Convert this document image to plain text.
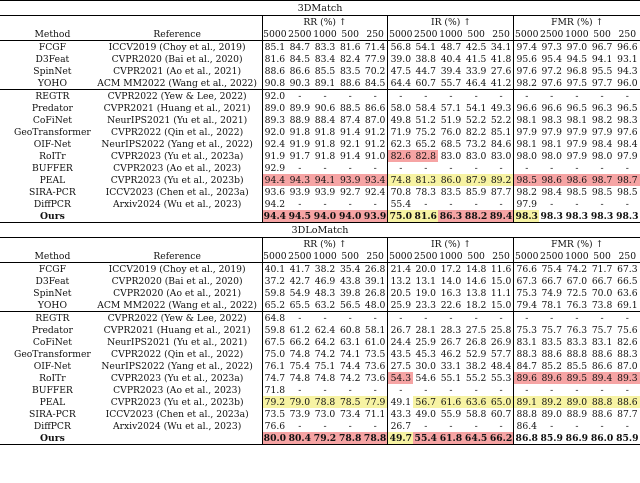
3DMatch																	
			RR (%) ↑					IR (%) ↑					FMR (%) ↑				
	Method	Reference	5000	2500	1000	500	250	5000	2500	1000	500	250	5000	2500	1000	500	250
	FCGF	ICCV2019 (Choy et al., 2019)	85.1	84.7	83.3	81.6	71.4	56.8	54.1	48.7	42.5	34.1	97.4	97.3	97.0	96.7	96.6
	D3Feat	CVPR2020 (Bai et al., 2020)	81.6	84.5	83.4	82.4	77.9	39.0	38.8	40.4	41.5	41.8	95.6	95.4	94.5	94.1	93.1
	SpinNet	CVPR2021 (Ao et al., 2021)	88.6	86.6	85.5	83.5	70.2	47.5	44.7	39.4	33.9	27.6	97.6	97.2	96.8	95.5	94.3
	YOHO	ACM MM2022 (Wang et al., 2022)	90.8	90.3	89.1	88.6	84.5	64.4	60.7	55.7	46.4	41.2	98.2	97.6	97.5	97.7	96.0
	REGTR	CVPR2022 (Yew & Lee, 2022)	92.0	-	-	-	-	-	-	-	-	-	-	-	-	-	-
	Predator	CVPR2021 (Huang et al., 2021)	89.0	89.9	90.6	88.5	86.6	58.0	58.4	57.1	54.1	49.3	96.6	96.6	96.5	96.3	96.5
	CoFiNet	NeurIPS2021 (Yu et al., 2021)	89.3	88.9	88.4	87.4	87.0	49.8	51.2	51.9	52.2	52.2	98.1	98.3	98.1	98.2	98.3
	GeoTransformer	CVPR2022 (Qin et al., 2022)	92.0	91.8	91.8	91.4	91.2	71.9	75.2	76.0	82.2	85.1	97.9	97.9	97.9	97.9	97.6
	OIF-Net	NeurIPS2022 (Yang et al., 2022)	92.4	91.9	91.8	92.1	91.2	62.3	65.2	68.5	73.2	84.6	98.1	98.1	97.9	98.4	98.4
	RoITr	CVPR2023 (Yu et al., 2023a)	91.9	91.7	91.8	91.4	91.0	82.6	82.8	83.0	83.0	83.0	98.0	98.0	97.9	98.0	97.9
	BUFFER	CVPR2023 (Ao et al., 2023)	92.9	-	-	-	-	-	-	-	-	-	-	-	-	-	-
	PEAL	CVPR2023 (Yu et al., 2023b)	94.4	94.3	94.1	93.9	93.4	74.8	81.3	86.0	87.9	89.2	98.5	98.6	98.6	98.7	98.7
	SIRA-PCR	ICCV2023 (Chen et al., 2023a)	93.6	93.9	93.9	92.7	92.4	70.8	78.3	83.5	85.9	87.7	98.2	98.4	98.5	98.5	98.5
	DiffPCR	Arxiv2024 (Wu et al., 2023)	94.2	-	-	-	-	55.4	-	-	-	-	97.9	-	-	-	-
	Ours		94.4	94.5	94.0	94.0	93.9	75.0	81.6	86.3	88.2	89.4	98.3	98.3	98.3	98.3	98.3
3DLoMatch																	
			RR (%) ↑					IR (%) ↑					FMR (%) ↑				
	Method	Reference	5000	2500	1000	500	250	5000	2500	1000	500	250	5000	2500	1000	500	250
	FCGF	ICCV2019 (Choy et al., 2019)	40.1	41.7	38.2	35.4	26.8	21.4	20.0	17.2	14.8	11.6	76.6	75.4	74.2	71.7	67.3
	D3Feat	CVPR2020 (Bai et al., 2020)	37.2	42.7	46.9	43.8	39.1	13.2	13.1	14.0	14.6	15.0	67.3	66.7	67.0	66.7	66.5
	SpinNet	CVPR2020 (Ao et al., 2021)	59.8	54.9	48.3	39.8	26.8	20.5	19.0	16.3	13.8	11.1	75.3	74.9	72.5	70.0	63.6
	YOHO	ACM MM2022 (Wang et al., 2022)	65.2	65.5	63.2	56.5	48.0	25.9	23.3	22.6	18.2	15.0	79.4	78.1	76.3	73.8	69.1
	REGTR	CVPR2022 (Yew & Lee, 2022)	64.8	-	-	-	-	-	-	-	-	-	-	-	-	-	-
	Predator	CVPR2021 (Huang et al., 2021)	59.8	61.2	62.4	60.8	58.1	26.7	28.1	28.3	27.5	25.8	75.3	75.7	76.3	75.7	75.6
	CoFiNet	NeurIPS2021 (Yu et al., 2021)	67.5	66.2	64.2	63.1	61.0	24.4	25.9	26.7	26.8	26.9	83.1	83.5	83.3	83.1	82.6
	GeoTransformer	CVPR2022 (Qin et al., 2022)	75.0	74.8	74.2	74.1	73.5	43.5	45.3	46.2	52.9	57.7	88.3	88.6	88.8	88.6	88.3
	OIF-Net	NeurIPS2022 (Yang et al., 2022)	76.1	75.4	75.1	74.4	73.6	27.5	30.0	33.1	38.2	48.4	84.7	85.2	85.5	86.6	87.0
	RoITr	CVPR2023 (Yu et al., 2023a)	74.7	74.8	74.8	74.2	73.6	54.3	54.6	55.1	55.2	55.3	89.6	89.6	89.5	89.4	89.3
	BUFFER	CVPR2023 (Ao et al., 2023)	71.8	-	-	-	-	-	-	-	-	-	-	-	-	-	-
	PEAL	CVPR2023 (Yu et al., 2023b)	79.2	79.0	78.8	78.5	77.9	49.1	56.7	61.6	63.6	65.0	89.1	89.2	89.0	88.8	88.6
	SIRA-PCR	ICCV2023 (Chen et al., 2023a)	73.5	73.9	73.0	73.4	71.1	43.3	49.0	55.9	58.8	60.7	88.8	89.0	88.9	88.6	87.7
	DiffPCR	Arxiv2024 (Wu et al., 2023)	76.6	-	-	-	-	26.7	-	-	-	-	86.4	-	-	-	-
	Ours		80.0	80.4	79.2	78.8	78.8	49.7	55.4	61.8	64.5	66.2	86.8	85.9	86.9	86.0	85.9
